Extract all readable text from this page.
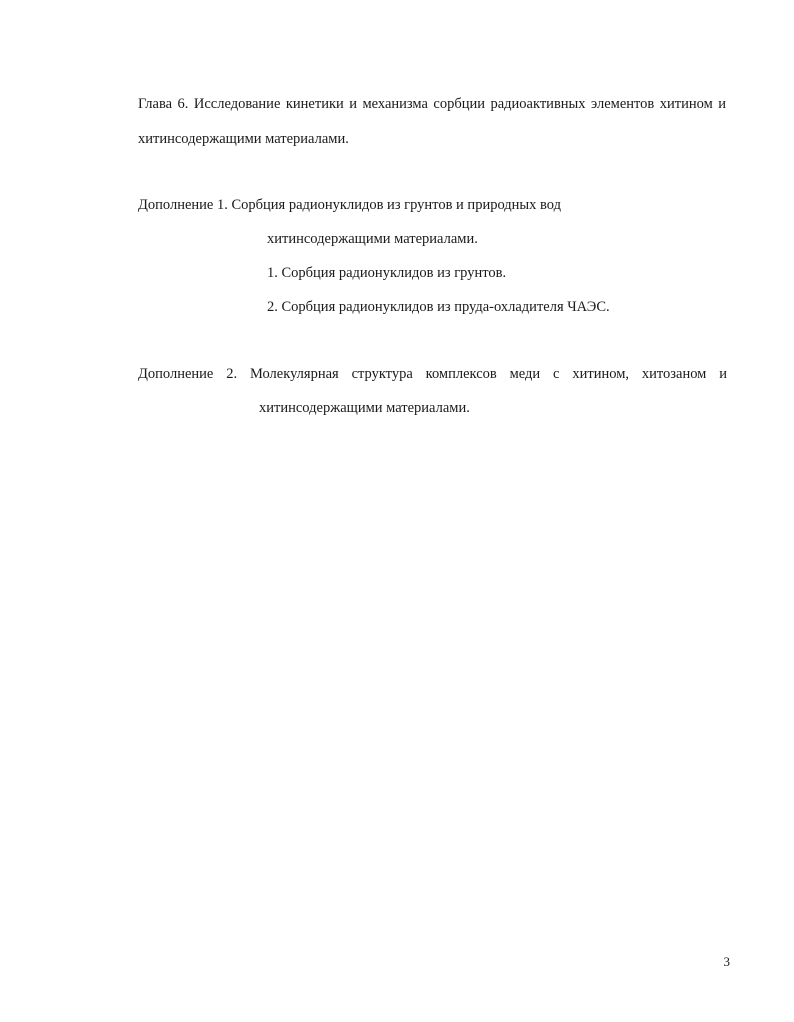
Глава 6. Исследование кинетики и механизма сорбции радиоактивных элементов хитином и
хитинсодержащими материалами.
Дополнение 1. Сорбция радионуклидов из грунтов и природных вод
хитинсодержащими материалами.
1. Сорбция радионуклидов из грунтов.
2. Сорбция радионуклидов из пруда-охладителя ЧАЭС.
Дополнение 2. Молекулярная структура комплексов меди с хитином, хитозаном и
хитинсодержащими материалами.
3
